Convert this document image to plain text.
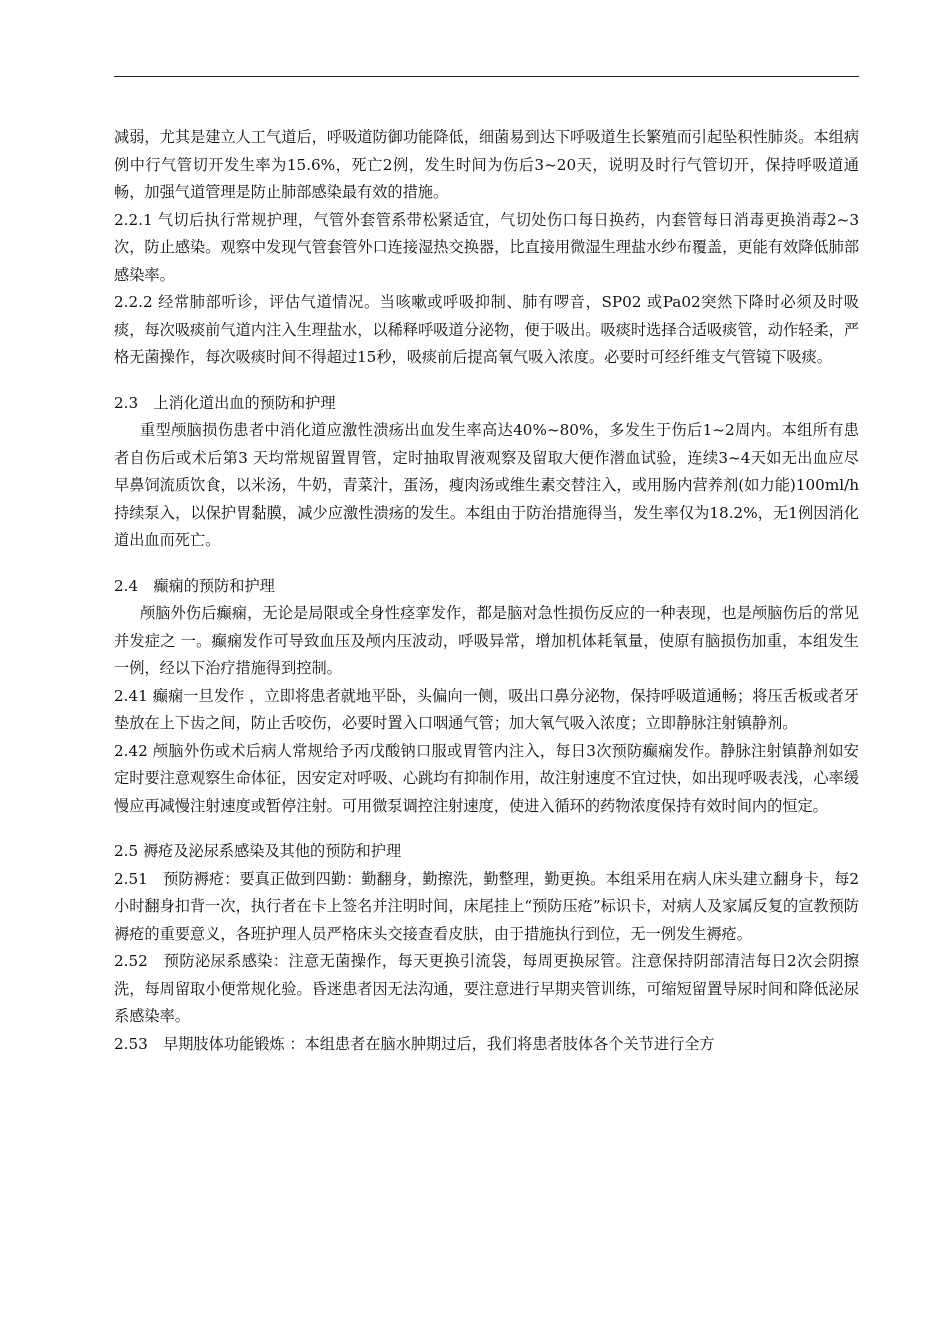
减弱，尤其是建立人工气道后，呼吸道防御功能降低，细菌易到达下呼吸道生长繁殖而引起坠积性肺炎。本组病例中行气管切开发生率为15.6%，死亡2例，发生时间为伤后3~20天，说明及时行气管切开，保持呼吸道通畅，加强气道管理是防止肺部感染最有效的措施。

2.2.1 气切后执行常规护理，气管外套管系带松紧适宜，气切处伤口每日换药，内套管每日消毒更换消毒2~3次，防止感染。观察中发现气管套管外口连接湿热交换器，比直接用微湿生理盐水纱布覆盖，更能有效降低肺部感染率。

2.2.2 经常肺部听诊，评估气道情况。当咳嗽或呼吸抑制、肺有啰音，SP02 或Pa02突然下降时必须及时吸痰，每次吸痰前气道内注入生理盐水，以稀释呼吸道分泌物，便于吸出。吸痰时选择合适吸痰管，动作轻柔，严格无菌操作，每次吸痰时间不得超过15秒，吸痰前后提高氧气吸入浓度。必要时可经纤维支气管镜下吸痰。

2.3　上消化道出血的预防和护理

重型颅脑损伤患者中消化道应激性溃疡出血发生率高达40%~80%，多发生于伤后1~2周内。本组所有患者自伤后或术后第3 天均常规留置胃管，定时抽取胃液观察及留取大便作潜血试验，连续3~4天如无出血应尽早鼻饲流质饮食，以米汤，牛奶，青菜汁，蛋汤，瘦肉汤或维生素交替注入，或用肠内营养剂(如力能)100ml/h 持续泵入，以保护胃黏膜，减少应激性溃疡的发生。本组由于防治措施得当，发生率仅为18.2%，无1例因消化道出血而死亡。

2.4　癫痫的预防和护理

颅脑外伤后癫痫，无论是局限或全身性痉挛发作，都是脑对急性损伤反应的一种表现，也是颅脑伤后的常见并发症之 一。癫痫发作可导致血压及颅内压波动，呼吸异常，增加机体耗氧量，使原有脑损伤加重，本组发生一例，经以下治疗措施得到控制。

2.41 癫痫一旦发作 ，立即将患者就地平卧，头偏向一侧，吸出口鼻分泌物，保持呼吸道通畅；将压舌板或者牙垫放在上下齿之间，防止舌咬伤，必要时置入口咽通气管；加大氧气吸入浓度；立即静脉注射镇静剂。

2.42 颅脑外伤或术后病人常规给予丙戊酸钠口服或胃管内注入，每日3次预防癫痫发作。静脉注射镇静剂如安定时要注意观察生命体征，因安定对呼吸、心跳均有抑制作用，故注射速度不宜过快，如出现呼吸表浅，心率缓慢应再减慢注射速度或暂停注射。可用微泵调控注射速度，使进入循环的药物浓度保持有效时间内的恒定。

2.5 褥疮及泌尿系感染及其他的预防和护理

2.51　预防褥疮：要真正做到四勤：勤翻身，勤擦洗，勤整理，勤更换。本组采用在病人床头建立翻身卡，每2小时翻身扣背一次，执行者在卡上签名并注明时间，床尾挂上“预防压疮”标识卡，对病人及家属反复的宣教预防褥疮的重要意义，各班护理人员严格床头交接查看皮肤，由于措施执行到位，无一例发生褥疮。

2.52　预防泌尿系感染：注意无菌操作，每天更换引流袋，每周更换尿管。注意保持阴部清洁每日2次会阴擦洗，每周留取小便常规化验。昏迷患者因无法沟通，要注意进行早期夹管训练，可缩短留置导尿时间和降低泌尿系感染率。

2.53　早期肢体功能锻炼 ：本组患者在脑水肿期过后，我们将患者肢体各个关节进行全方
